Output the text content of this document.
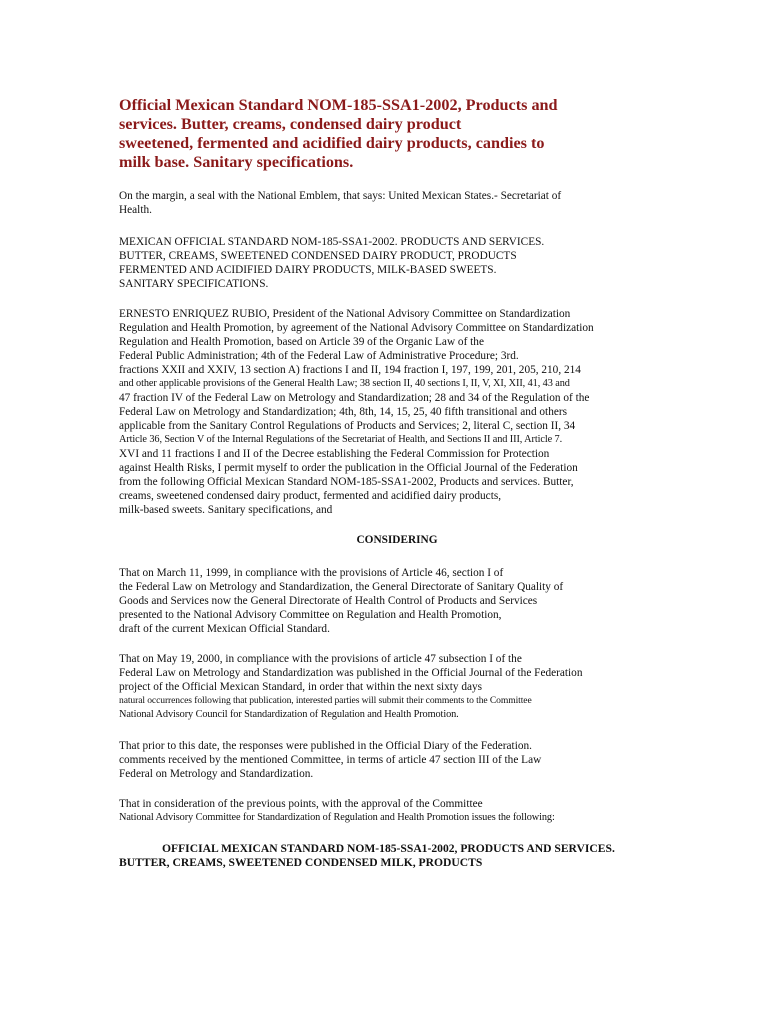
Official Mexican Standard NOM-185-SSA1-2002, Products and
services. Butter, creams, condensed dairy product
sweetened, fermented and acidified dairy products, candies to
milk base. Sanitary specifications.
On the margin, a seal with the National Emblem, that says: United Mexican States.- Secretariat of
Health.
MEXICAN OFFICIAL STANDARD NOM-185-SSA1-2002. PRODUCTS AND SERVICES.
BUTTER, CREAMS, SWEETENED CONDENSED DAIRY PRODUCT, PRODUCTS
FERMENTED AND ACIDIFIED DAIRY PRODUCTS, MILK-BASED SWEETS.
SANITARY SPECIFICATIONS.
ERNESTO ENRIQUEZ RUBIO, President of the National Advisory Committee on Standardization
Regulation and Health Promotion, by agreement of the National Advisory Committee on Standardization
Regulation and Health Promotion, based on Article 39 of the Organic Law of the
Federal Public Administration; 4th of the Federal Law of Administrative Procedure; 3rd.
fractions XXII and XXIV, 13 section A) fractions I and II, 194 fraction I, 197, 199, 201, 205, 210, 214
and other applicable provisions of the General Health Law; 38 section II, 40 sections I, II, V, XI, XII, 41, 43 and
47 fraction IV of the Federal Law on Metrology and Standardization; 28 and 34 of the Regulation of the
Federal Law on Metrology and Standardization; 4th, 8th, 14, 15, 25, 40 fifth transitional and others
applicable from the Sanitary Control Regulations of Products and Services; 2, literal C, section II, 34
Article 36, Section V of the Internal Regulations of the Secretariat of Health, and Sections II and III, Article 7.
XVI and 11 fractions I and II of the Decree establishing the Federal Commission for Protection
against Health Risks, I permit myself to order the publication in the Official Journal of the Federation
from the following Official Mexican Standard NOM-185-SSA1-2002, Products and services. Butter,
creams, sweetened condensed dairy product, fermented and acidified dairy products,
milk-based sweets. Sanitary specifications, and
CONSIDERING
That on March 11, 1999, in compliance with the provisions of Article 46, section I of
the Federal Law on Metrology and Standardization, the General Directorate of Sanitary Quality of
Goods and Services now the General Directorate of Health Control of Products and Services
presented to the National Advisory Committee on Regulation and Health Promotion,
draft of the current Mexican Official Standard.
That on May 19, 2000, in compliance with the provisions of article 47 subsection I of the
Federal Law on Metrology and Standardization was published in the Official Journal of the Federation
project of the Official Mexican Standard, in order that within the next sixty days
natural occurrences following that publication, interested parties will submit their comments to the Committee
National Advisory Council for Standardization of Regulation and Health Promotion.
That prior to this date, the responses were published in the Official Diary of the Federation.
comments received by the mentioned Committee, in terms of article 47 section III of the Law
Federal on Metrology and Standardization.
That in consideration of the previous points, with the approval of the Committee
National Advisory Committee for Standardization of Regulation and Health Promotion issues the following:
OFFICIAL MEXICAN STANDARD NOM-185-SSA1-2002, PRODUCTS AND SERVICES.
BUTTER, CREAMS, SWEETENED CONDENSED MILK, PRODUCTS
